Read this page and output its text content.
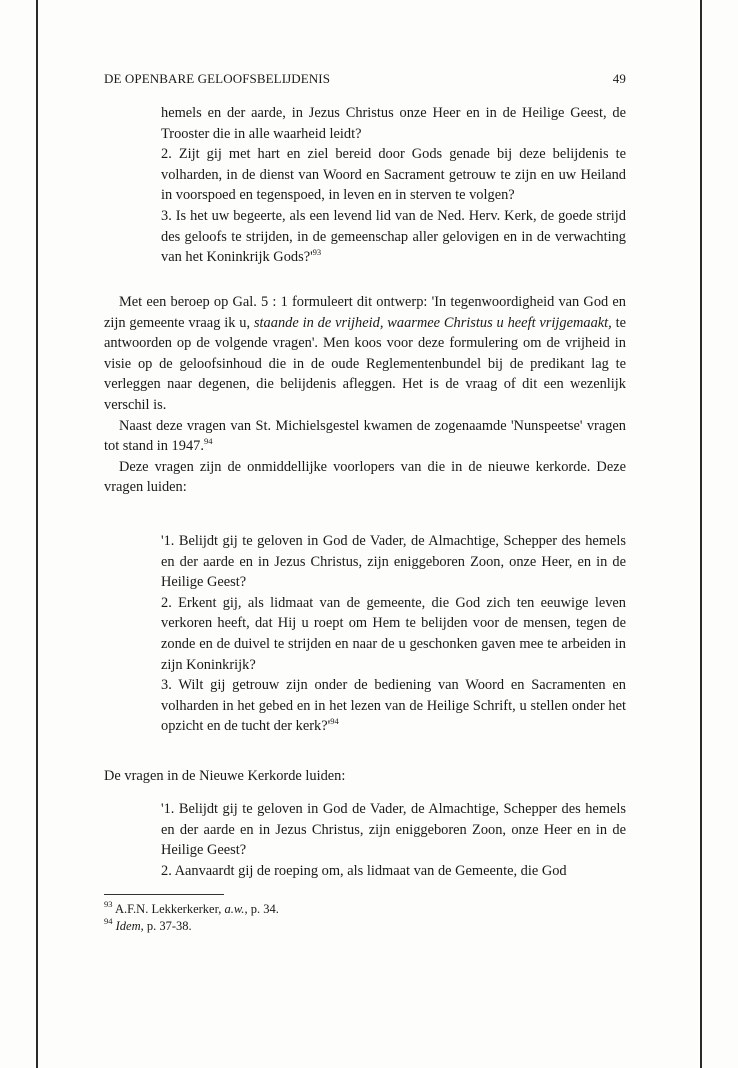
DE OPENBARE GELOOFSBELIJDENIS	49

hemels en der aarde, in Jezus Christus onze Heer en in de Heilige Geest, de Trooster die in alle waarheid leidt?

2. Zijt gij met hart en ziel bereid door Gods genade bij deze belijdenis te volharden, in de dienst van Woord en Sacrament getrouw te zijn en uw Heiland in voorspoed en tegenspoed, in leven en in sterven te volgen?

3. Is het uw begeerte, als een levend lid van de Ned. Herv. Kerk, de goede strijd des geloofs te strijden, in de gemeenschap aller gelovigen en in de verwachting van het Koninkrijk $Gods?'^{93}$

Met een beroep op Gal. 5 : 1 formuleert dit ontwerp: 'In tegenwoordigheid van God en zijn gemeente vraag ik u, staande in de vrijheid, waarmee Christus u heeft vrijgemaakt, te antwoorden op de volgende vragen'. Men koos voor deze formulering om de vrijheid in visie op de geloofsinhoud die in de oude Reglementenbundel bij de predikant lag te verleggen naar degenen, die belijdenis afleggen. Het is de vraag of dit een wezenlijk verschil is.

Naast deze vragen van St. Michielsgestel kwamen de zogenaamde 'Nunspeetse' vragen tot stand in 1947.94

Deze vragen zijn de onmiddellijke voorlopers van die in de nieuwe kerkorde. Deze vragen luiden:

'1. Belijdt gij te geloven in God de Vader, de Almachtige, Schepper des hemels en der aarde en in Jezus Christus, zijn eniggeboren Zoon, onze Heer, en in de Heilige Geest?

2. Erkent gij, als lidmaat van de gemeente, die God zich ten eeuwige leven verkoren heeft, dat Hij u roept om Hem te belijden voor de mensen, tegen de zonde en de duivel te strijden en naar de u geschonken gaven mee te arbeiden in zijn Koninkrijk?

3. Wilt gij getrouw zijn onder de bediening van Woord en Sacramenten en volharden in het gebed en in het lezen van de Heilige Schrift, u stellen onder het opzicht en de tucht der $kerk?'^{94}$

De vragen in de Nieuwe Kerkorde luiden:

'1. Belijdt gij te geloven in God de Vader, de Almachtige, Schepper des hemels en der aarde en in Jezus Christus, zijn eniggeboren Zoon, onze Heer en in de Heilige Geest?

2. Aanvaardt gij de roeping om, als lidmaat van de Gemeente, die God

$^{93}$ A.F.N. Lekkerkerker, a.w., p. 34.

$^{94}$ Idem, p. 37-38.
